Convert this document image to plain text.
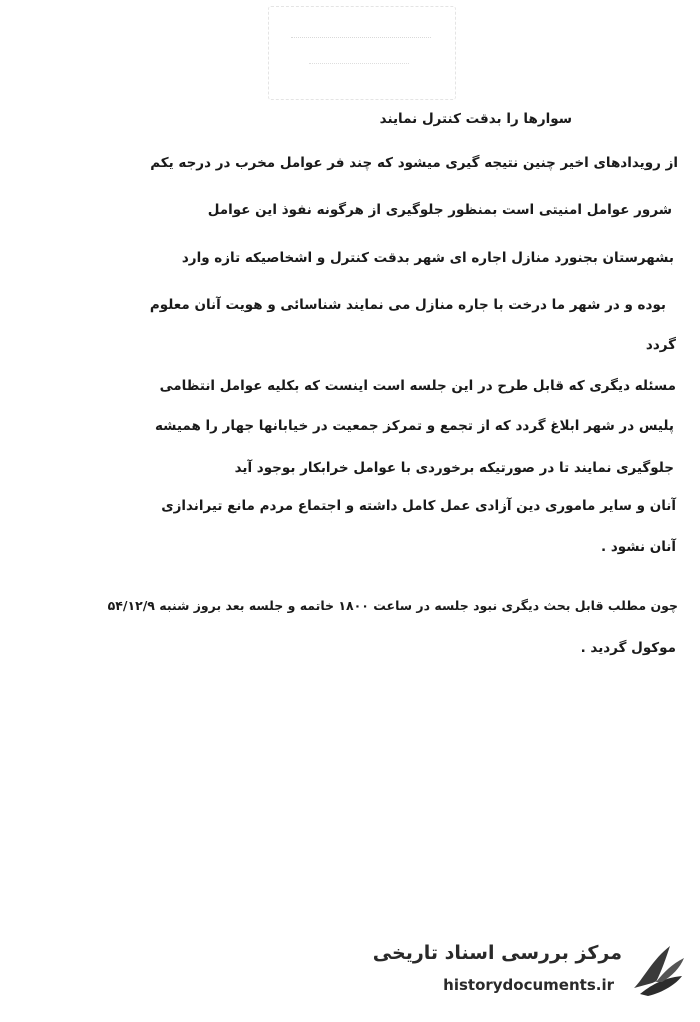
سوارها را بدقت کنترل نمایند
از رویدادهای اخیر چنین نتیجه گیری میشود که چند فر عوامل مخرب در درجه یکم
شرور عوامل امنیتی است بمنظور جلوگیری از هرگونه نفوذ این عوامل
بشهرستان بجنورد منازل اجاره ای شهر بدقت کنترل و اشخاصیکه تازه وارد
بوده و در شهر ما درخت با جاره منازل می نمایند شناسائی و هویت آنان معلوم
گردد
مسئله دیگری که قابل طرح در این جلسه است اینست که بکلیه عوامل انتظامی
پلیس در شهر ابلاغ گردد که از تجمع و تمرکز جمعیت در خیابانها جهار را همیشه
جلوگیری نمایند تا در صورتیکه برخوردی با عوامل خرابکار بوجود آید
آنان و سایر ماموری دین آزادی عمل کامل داشته و اجتماع مردم مانع تیراندازی
آنان نشود .
چون مطلب قابل بحث دیگری نبود جلسه در ساعت ۱۸۰۰ خاتمه و جلسه بعد بروز شنبه ۵۴/۱۲/۹
موکول گردید .
مرکز بررسی اسناد تاریخی
historydocuments.ir
